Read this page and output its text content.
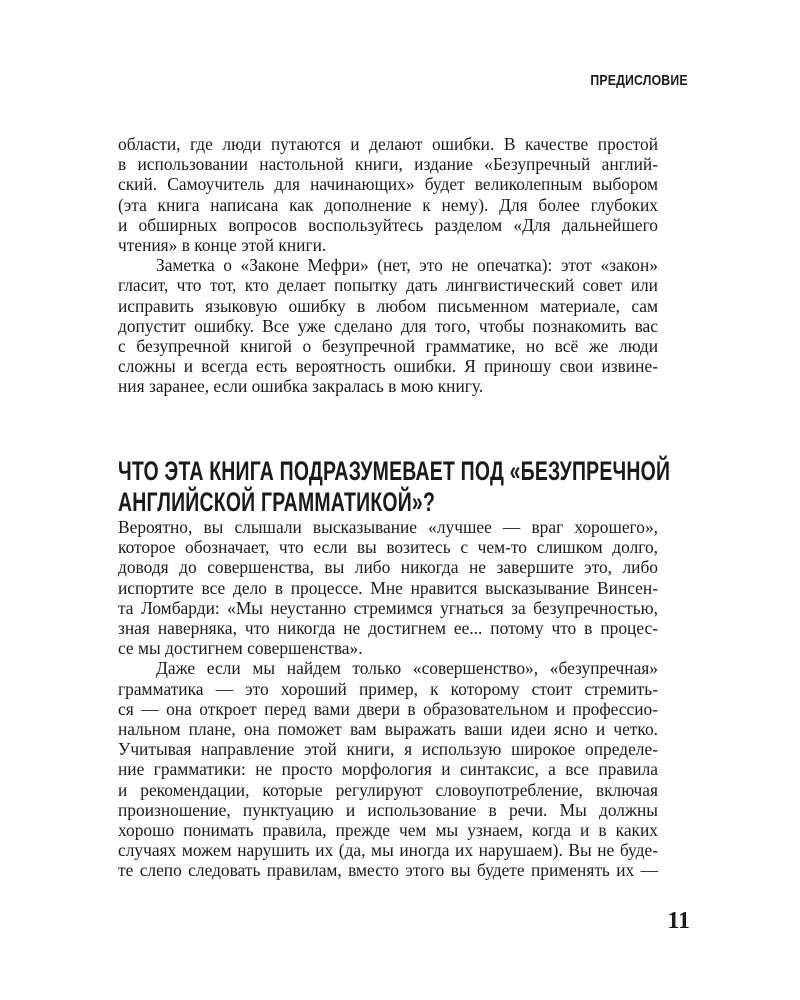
ПРЕДИСЛОВИЕ
области, где люди путаются и делают ошибки. В качестве простой
в использовании настольной книги, издание «Безупречный англий-
ский. Самоучитель для начинающих» будет великолепным выбором
(эта книга написана как дополнение к нему). Для более глубоких
и обширных вопросов воспользуйтесь разделом «Для дальнейшего
чтения» в конце этой книги.
Заметка о «Законе Мефри» (нет, это не опечатка): этот «закон»
гласит, что тот, кто делает попытку дать лингвистический совет или
исправить языковую ошибку в любом письменном материале, сам
допустит ошибку. Все уже сделано для того, чтобы познакомить вас
с безупречной книгой о безупречной грамматике, но всё же люди
сложны и всегда есть вероятность ошибки. Я приношу свои извине-
ния заранее, если ошибка закралась в мою книгу.
ЧТО ЭТА КНИГА ПОДРАЗУМЕВАЕТ ПОД «БЕЗУПРЕЧНОЙ
АНГЛИЙСКОЙ ГРАММАТИКОЙ»?
Вероятно, вы слышали высказывание «лучшее — враг хорошего»,
которое обозначает, что если вы возитесь с чем-то слишком долго,
доводя до совершенства, вы либо никогда не завершите это, либо
испортите все дело в процессе. Мне нравится высказывание Винсен-
та Ломбарди: «Мы неустанно стремимся угнаться за безупречностью,
зная наверняка, что никогда не достигнем ее... потому что в процес-
се мы достигнем совершенства».
Даже если мы найдем только «совершенство», «безупречная»
грамматика — это хороший пример, к которому стоит стремить-
ся — она откроет перед вами двери в образовательном и профессио-
нальном плане, она поможет вам выражать ваши идеи ясно и четко.
Учитывая направление этой книги, я использую широкое определе-
ние грамматики: не просто морфология и синтаксис, а все правила
и рекомендации, которые регулируют словоупотребление, включая
произношение, пунктуацию и использование в речи. Мы должны
хорошо понимать правила, прежде чем мы узнаем, когда и в каких
случаях можем нарушить их (да, мы иногда их нарушаем). Вы не буде-
те слепо следовать правилам, вместо этого вы будете применять их —
11
